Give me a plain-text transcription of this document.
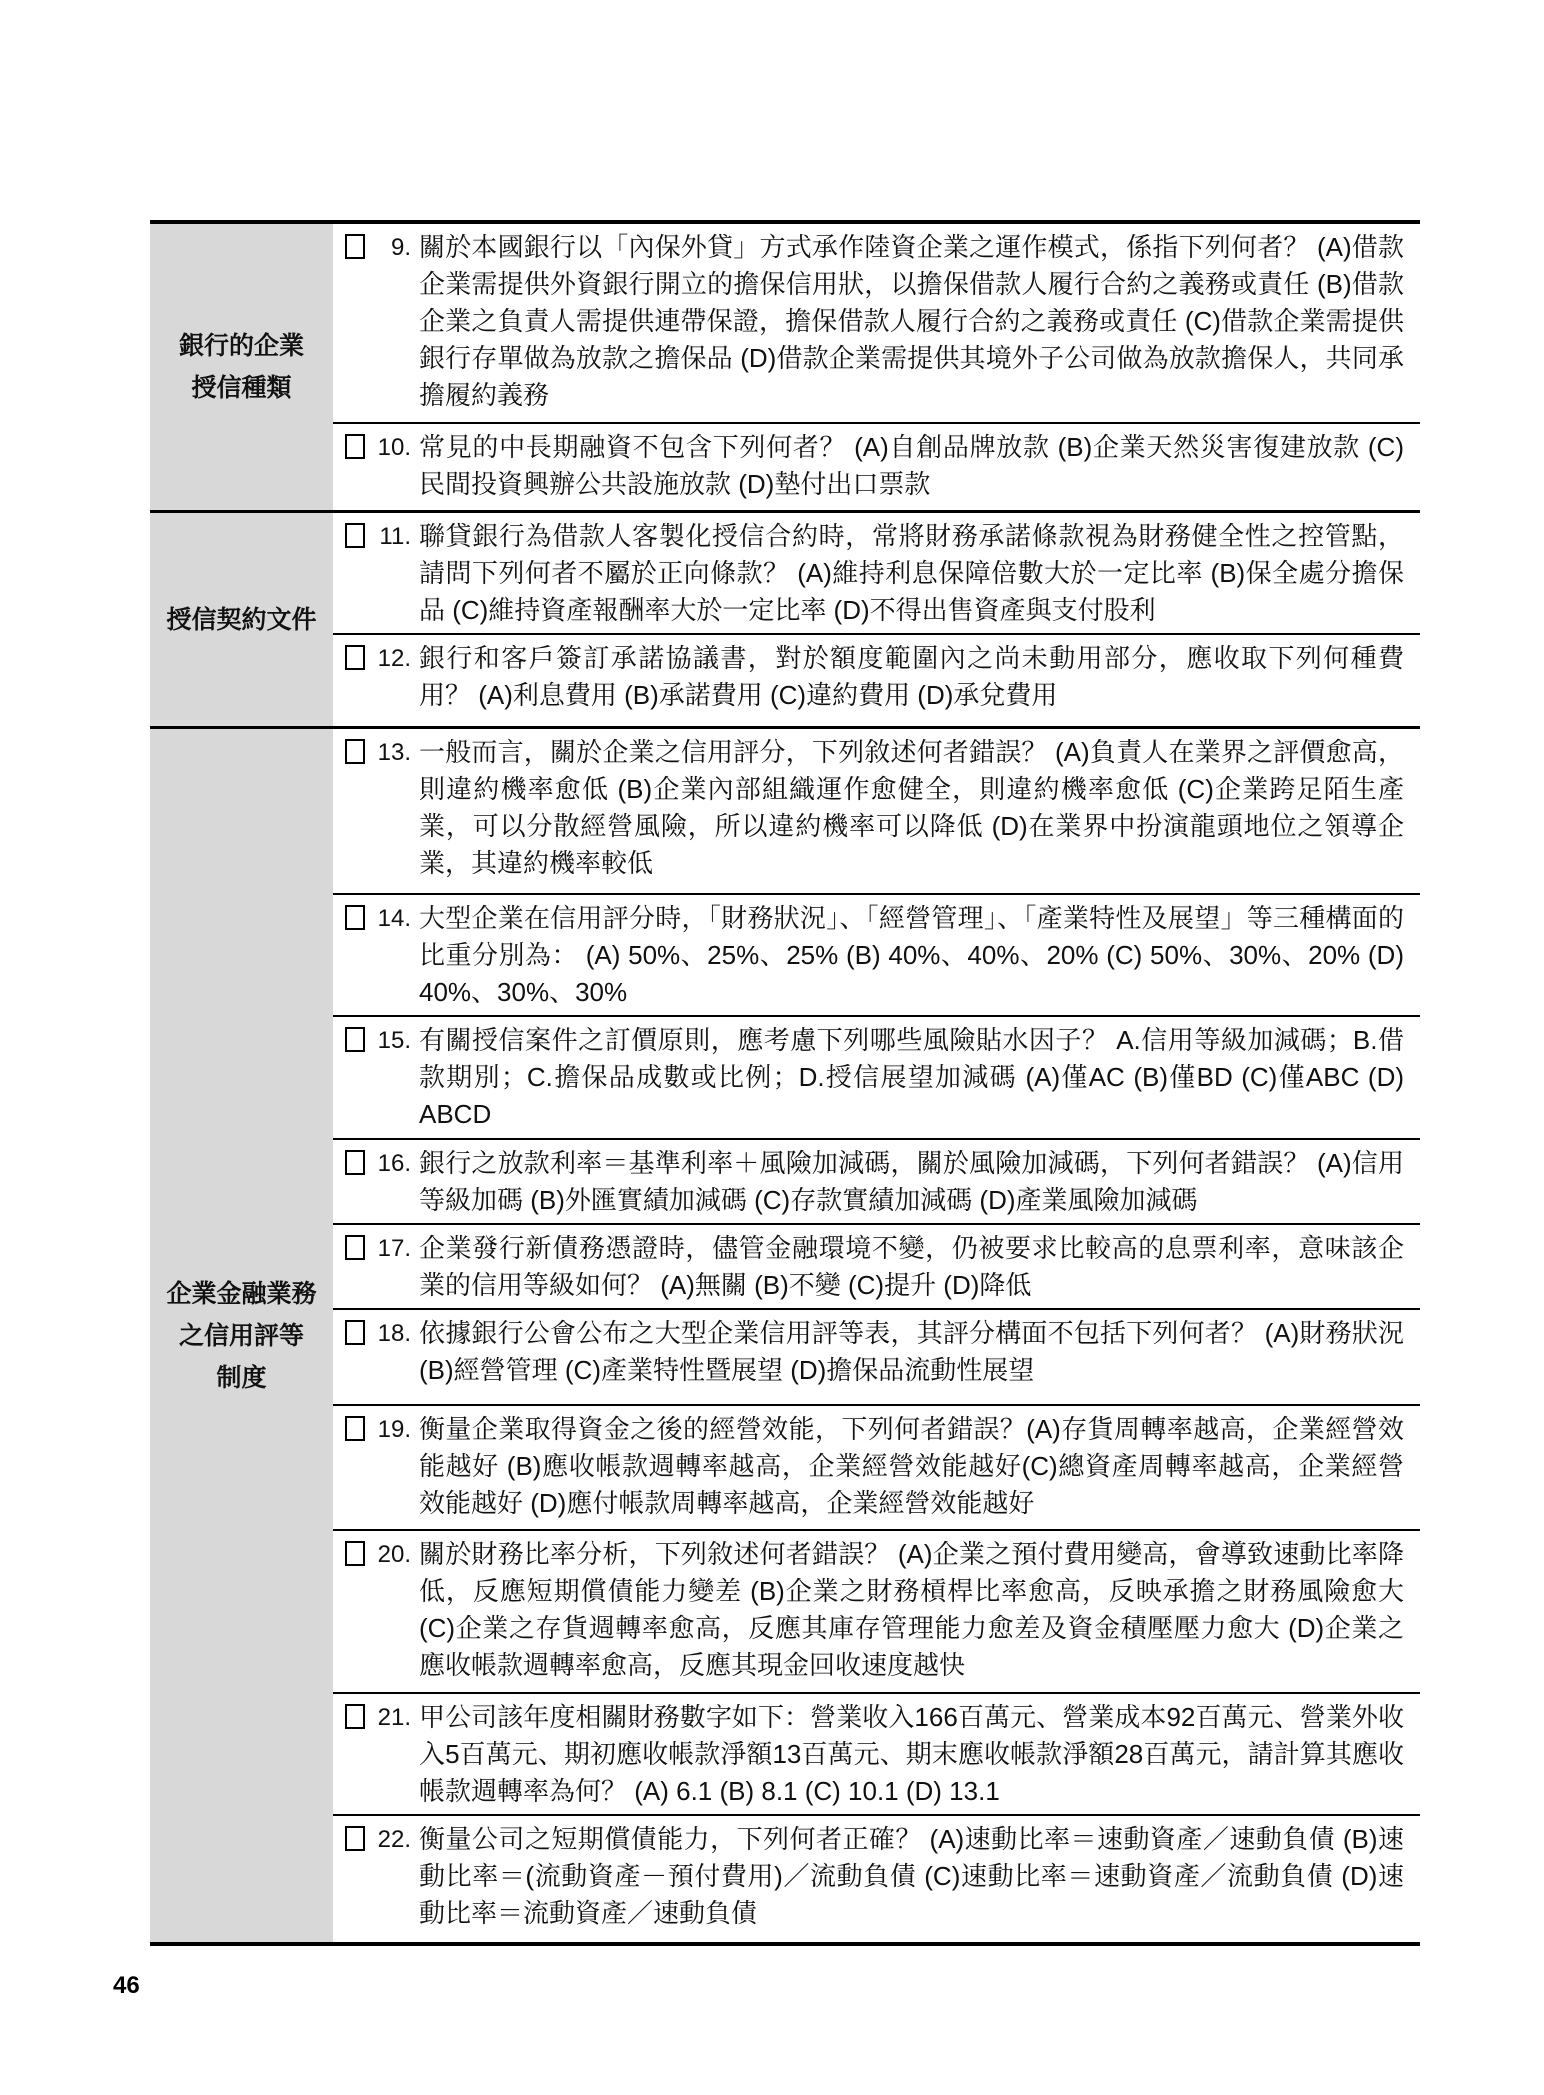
銀行的企業
授信種類
9. 關於本國銀行以「內保外貸」方式承作陸資企業之運作模式，係指下列何者？ (A)借款企業需提供外資銀行開立的擔保信用狀，以擔保借款人履行合約之義務或責任 (B)借款企業之負責人需提供連帶保證，擔保借款人履行合約之義務或責任 (C)借款企業需提供銀行存單做為放款之擔保品 (D)借款企業需提供其境外子公司做為放款擔保人，共同承擔履約義務
10. 常見的中長期融資不包含下列何者？ (A)自創品牌放款 (B)企業天然災害復建放款 (C)民間投資興辦公共設施放款 (D)墊付出口票款
授信契約文件
11. 聯貸銀行為借款人客製化授信合約時，常將財務承諾條款視為財務健全性之控管點，請問下列何者不屬於正向條款？ (A)維持利息保障倍數大於一定比率 (B)保全處分擔保品 (C)維持資產報酬率大於一定比率 (D)不得出售資產與支付股利
12. 銀行和客戶簽訂承諾協議書，對於額度範圍內之尚未動用部分，應收取下列何種費用？ (A)利息費用 (B)承諾費用 (C)違約費用 (D)承兌費用
企業金融業務
之信用評等
制度
13. 一般而言，關於企業之信用評分，下列敘述何者錯誤？ (A)負責人在業界之評價愈高，則違約機率愈低 (B)企業內部組織運作愈健全，則違約機率愈低 (C)企業跨足陌生產業，可以分散經營風險，所以違約機率可以降低 (D)在業界中扮演龍頭地位之領導企業，其違約機率較低
14. 大型企業在信用評分時，「財務狀況」、「經營管理」、「產業特性及展望」等三種構面的比重分別為： (A) 50%、25%、25% (B) 40%、40%、20% (C) 50%、30%、20% (D) 40%、30%、30%
15. 有關授信案件之訂價原則，應考慮下列哪些風險貼水因子？ A.信用等級加減碼；B.借款期別；C.擔保品成數或比例；D.授信展望加減碼 (A)僅AC (B)僅BD (C)僅ABC (D) ABCD
16. 銀行之放款利率＝基準利率＋風險加減碼，關於風險加減碼，下列何者錯誤？ (A)信用等級加碼 (B)外匯實績加減碼 (C)存款實績加減碼 (D)產業風險加減碼
17. 企業發行新債務憑證時，儘管金融環境不變，仍被要求比較高的息票利率，意味該企業的信用等級如何？ (A)無關 (B)不變 (C)提升 (D)降低
18. 依據銀行公會公布之大型企業信用評等表，其評分構面不包括下列何者？ (A)財務狀況 (B)經營管理 (C)產業特性暨展望 (D)擔保品流動性展望
19. 衡量企業取得資金之後的經營效能，下列何者錯誤？(A)存貨周轉率越高，企業經營效能越好 (B)應收帳款週轉率越高，企業經營效能越好(C)總資產周轉率越高，企業經營效能越好 (D)應付帳款周轉率越高，企業經營效能越好
20. 關於財務比率分析，下列敘述何者錯誤？ (A)企業之預付費用變高，會導致速動比率降低，反應短期償債能力變差 (B)企業之財務槓桿比率愈高，反映承擔之財務風險愈大 (C)企業之存貨週轉率愈高，反應其庫存管理能力愈差及資金積壓壓力愈大 (D)企業之應收帳款週轉率愈高，反應其現金回收速度越快
21. 甲公司該年度相關財務數字如下：營業收入166百萬元、營業成本92百萬元、營業外收入5百萬元、期初應收帳款淨額13百萬元、期末應收帳款淨額28百萬元，請計算其應收帳款週轉率為何？ (A) 6.1 (B) 8.1 (C) 10.1 (D) 13.1
22. 衡量公司之短期償債能力，下列何者正確？ (A)速動比率＝速動資產／速動負債 (B)速動比率＝(流動資產－預付費用)／流動負債 (C)速動比率＝速動資產／流動負債 (D)速動比率＝流動資產／速動負債
46
